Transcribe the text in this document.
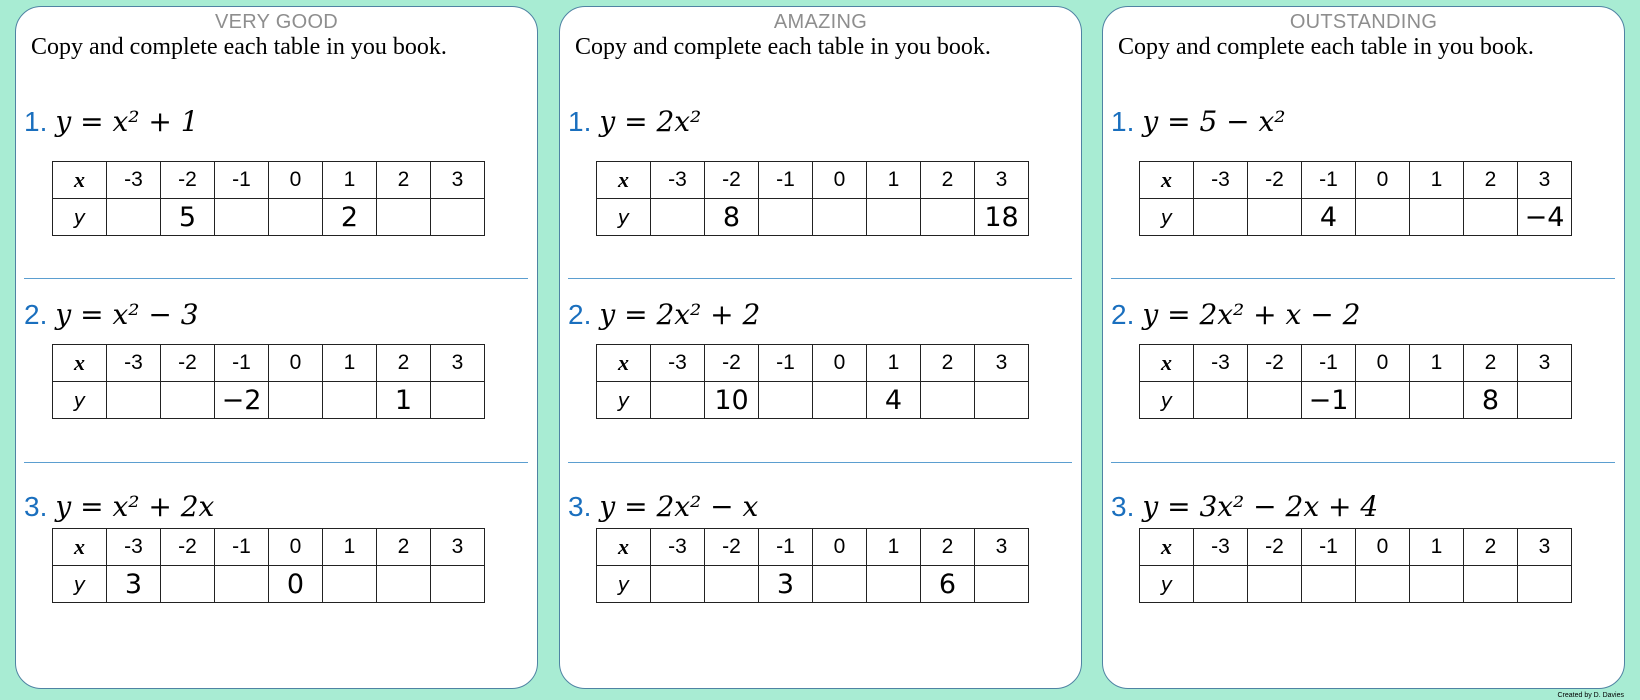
VERY GOOD
Copy and complete each table in you book.
1. y = x² + 1
x	-3	-2	-1	0	1	2	3
y		5			2		
2. y = x² − 3
x	-3	-2	-1	0	1	2	3
y			−2			1	
3. y = x² + 2x
x	-3	-2	-1	0	1	2	3
y	3			0			
AMAZING
Copy and complete each table in you book.
1. y = 2x²
x	-3	-2	-1	0	1	2	3
y		8					18
2. y = 2x² + 2
x	-3	-2	-1	0	1	2	3
y		10			4		
3. y = 2x² − x
x	-3	-2	-1	0	1	2	3
y			3			6	
OUTSTANDING
Copy and complete each table in you book.
1. y = 5 − x²
x	-3	-2	-1	0	1	2	3
y			4				−4
2. y = 2x² + x − 2
x	-3	-2	-1	0	1	2	3
y			−1			8	
3. y = 3x² − 2x + 4
x	-3	-2	-1	0	1	2	3
y							
Created by D. Davies
